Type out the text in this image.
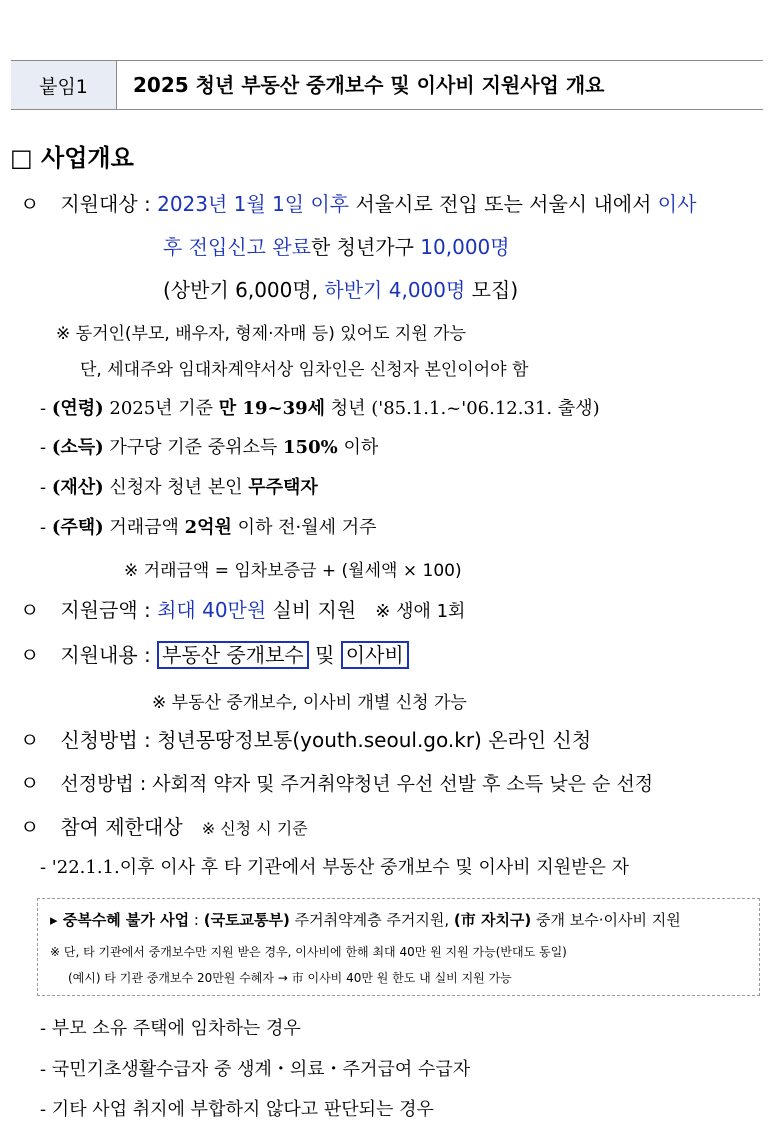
붙임1	2025 청년 부동산 중개보수 및 이사비 지원사업 개요
□ 사업개요
ㅇ 지원대상 : 2023년 1월 1일 이후 서울시로 전입 또는 서울시 내에서 이사
후 전입신고 완료한 청년가구 10,000명
(상반기 6,000명, 하반기 4,000명 모집)
※ 동거인(부모, 배우자, 형제·자매 등) 있어도 지원 가능
단, 세대주와 임대차계약서상 임차인은 신청자 본인이어야 함
- (연령) 2025년 기준 만 19~39세 청년 ('85.1.1.~'06.12.31. 출생)
- (소득) 가구당 기준 중위소득 150% 이하
- (재산) 신청자 청년 본인 무주택자
- (주택) 거래금액 2억원 이하 전·월세 거주
※ 거래금액 = 임차보증금 + (월세액 × 100)
ㅇ 지원금액 : 최대 40만원 실비 지원 ※ 생애 1회
ㅇ 지원내용 : 부동산 중개보수 및 이사비
※ 부동산 중개보수, 이사비 개별 신청 가능
ㅇ 신청방법 : 청년몽땅정보통(youth.seoul.go.kr) 온라인 신청
ㅇ 선정방법 : 사회적 약자 및 주거취약청년 우선 선발 후 소득 낮은 순 선정
ㅇ 참여 제한대상 ※ 신청 시 기준
- '22.1.1.이후 이사 후 타 기관에서 부동산 중개보수 및 이사비 지원받은 자
▸ 중복수혜 불가 사업 : (국토교통부) 주거취약계층 주거지원, (市 자치구) 중개 보수·이사비 지원
※ 단, 타 기관에서 중개보수만 지원 받은 경우, 이사비에 한해 최대 40만 원 지원 가능(반대도 동일)
(예시) 타 기관 중개보수 20만원 수혜자 → 市 이사비 40만 원 한도 내 실비 지원 가능
- 부모 소유 주택에 임차하는 경우
- 국민기초생활수급자 중 생계・의료・주거급여 수급자
- 기타 사업 취지에 부합하지 않다고 판단되는 경우
